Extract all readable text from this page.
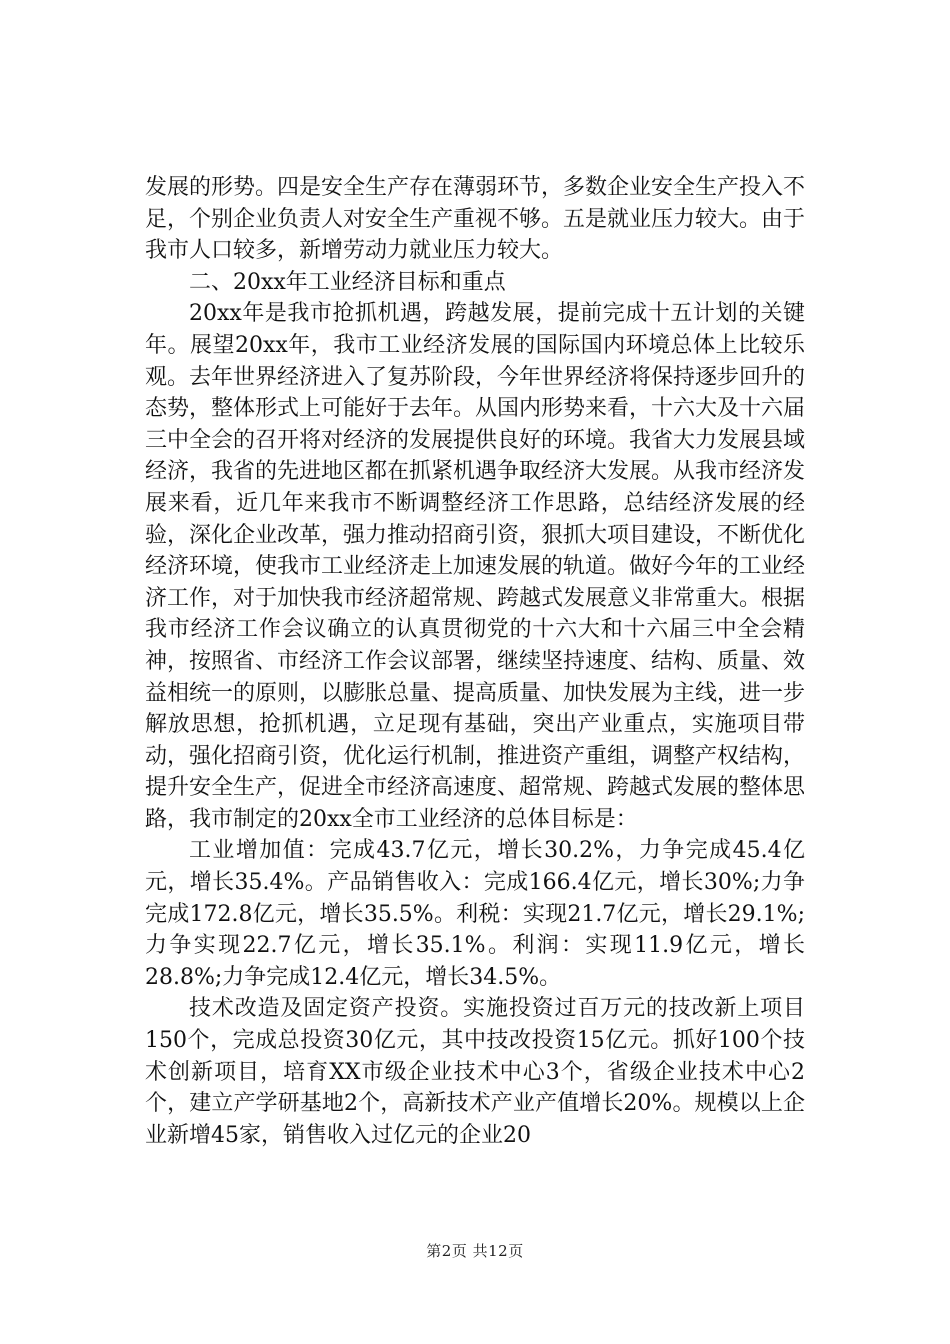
发展的形势。四是安全生产存在薄弱环节，多数企业安全生产投入不足，个别企业负责人对安全生产重视不够。五是就业压力较大。由于我市人口较多，新增劳动力就业压力较大。

二、20xx年工业经济目标和重点

20xx年是我市抢抓机遇，跨越发展，提前完成十五计划的关键年。展望20xx年，我市工业经济发展的国际国内环境总体上比较乐观。去年世界经济进入了复苏阶段，今年世界经济将保持逐步回升的态势，整体形式上可能好于去年。从国内形势来看，十六大及十六届三中全会的召开将对经济的发展提供良好的环境。我省大力发展县域经济，我省的先进地区都在抓紧机遇争取经济大发展。从我市经济发展来看，近几年来我市不断调整经济工作思路，总结经济发展的经验，深化企业改革，强力推动招商引资，狠抓大项目建设，不断优化经济环境，使我市工业经济走上加速发展的轨道。做好今年的工业经济工作，对于加快我市经济超常规、跨越式发展意义非常重大。根据我市经济工作会议确立的认真贯彻党的十六大和十六届三中全会精神，按照省、市经济工作会议部署，继续坚持速度、结构、质量、效益相统一的原则，以膨胀总量、提高质量、加快发展为主线，进一步解放思想，抢抓机遇，立足现有基础，突出产业重点，实施项目带动，强化招商引资，优化运行机制，推进资产重组，调整产权结构，提升安全生产，促进全市经济高速度、超常规、跨越式发展的整体思路，我市制定的20xx全市工业经济的总体目标是：

工业增加值：完成43.7亿元，增长30.2%，力争完成45.4亿元，增长35.4%。产品销售收入：完成166.4亿元，增长30%;力争完成172.8亿元，增长35.5%。利税：实现21.7亿元，增长29.1%;力争实现22.7亿元，增长35.1%。利润：实现11.9亿元，增长28.8%;力争完成12.4亿元，增长34.5%。

技术改造及固定资产投资。实施投资过百万元的技改新上项目150个，完成总投资30亿元，其中技改投资15亿元。抓好100个技术创新项目，培育XX市级企业技术中心3个，省级企业技术中心2个，建立产学研基地2个，高新技术产业产值增长20%。规模以上企业新增45家，销售收入过亿元的企业20

第2页 共12页
